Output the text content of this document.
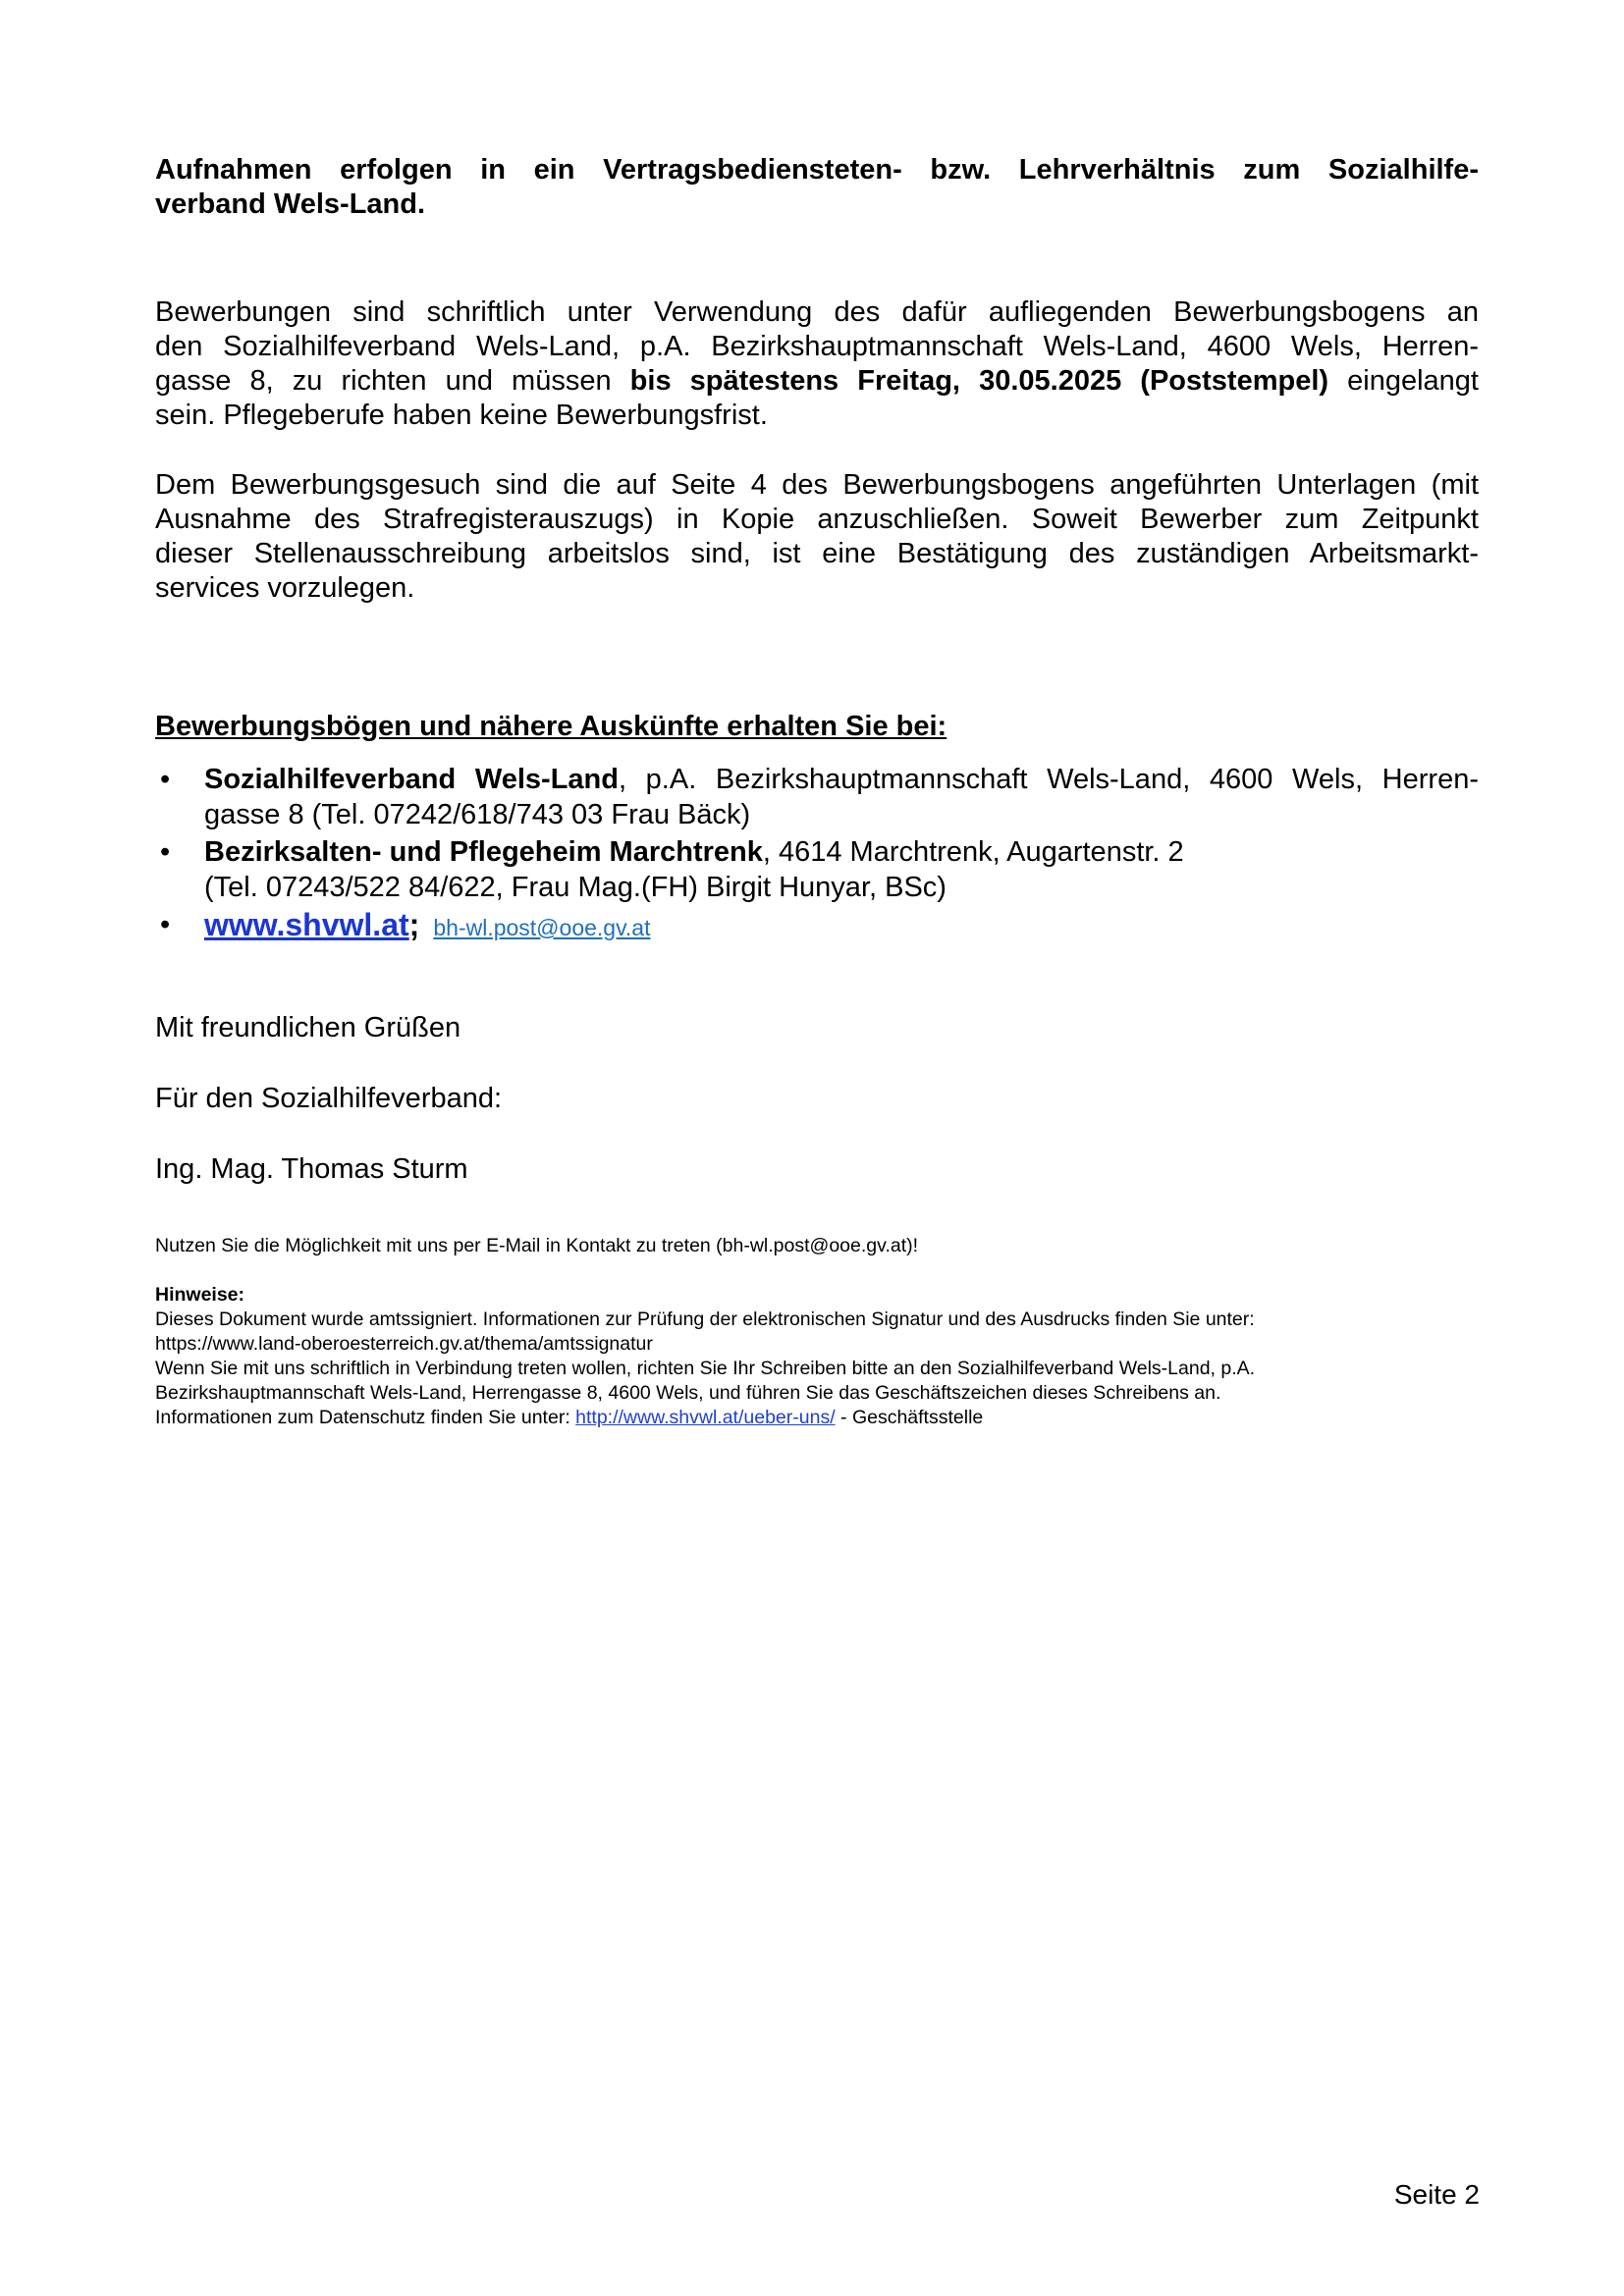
Aufnahmen erfolgen in ein Vertragsbediensteten- bzw. Lehrverhältnis zum Sozialhilfe-
verband Wels-Land.
Bewerbungen sind schriftlich unter Verwendung des dafür aufliegenden Bewerbungsbogens an
den Sozialhilfeverband Wels-Land, p.A. Bezirkshauptmannschaft Wels-Land, 4600 Wels, Herren-
gasse 8, zu richten und müssen bis spätestens Freitag, 30.05.2025 (Poststempel) eingelangt
sein. Pflegeberufe haben keine Bewerbungsfrist.
Dem Bewerbungsgesuch sind die auf Seite 4 des Bewerbungsbogens angeführten Unterlagen (mit
Ausnahme des Strafregisterauszugs) in Kopie anzuschließen. Soweit Bewerber zum Zeitpunkt
dieser Stellenausschreibung arbeitslos sind, ist eine Bestätigung des zuständigen Arbeitsmarkt-
services vorzulegen.
Bewerbungsbögen und nähere Auskünfte erhalten Sie bei:
• Sozialhilfeverband Wels-Land, p.A. Bezirkshauptmannschaft Wels-Land, 4600 Wels, Herren-
gasse 8 (Tel. 07242/618/743 03 Frau Bäck)
• Bezirksalten- und Pflegeheim Marchtrenk, 4614 Marchtrenk, Augartenstr. 2
(Tel. 07243/522 84/622, Frau Mag.(FH) Birgit Hunyar, BSc)
• www.shvwl.at; bh-wl.post@ooe.gv.at
Mit freundlichen Grüßen
Für den Sozialhilfeverband:
Ing. Mag. Thomas Sturm
Nutzen Sie die Möglichkeit mit uns per E-Mail in Kontakt zu treten (bh-wl.post@ooe.gv.at)!
Hinweise:
Dieses Dokument wurde amtssigniert. Informationen zur Prüfung der elektronischen Signatur und des Ausdrucks finden Sie unter:
https://www.land-oberoesterreich.gv.at/thema/amtssignatur
Wenn Sie mit uns schriftlich in Verbindung treten wollen, richten Sie Ihr Schreiben bitte an den Sozialhilfeverband Wels-Land, p.A.
Bezirkshauptmannschaft Wels-Land, Herrengasse 8, 4600 Wels, und führen Sie das Geschäftszeichen dieses Schreibens an.
Informationen zum Datenschutz finden Sie unter: http://www.shvwl.at/ueber-uns/ - Geschäftsstelle
Seite 2
